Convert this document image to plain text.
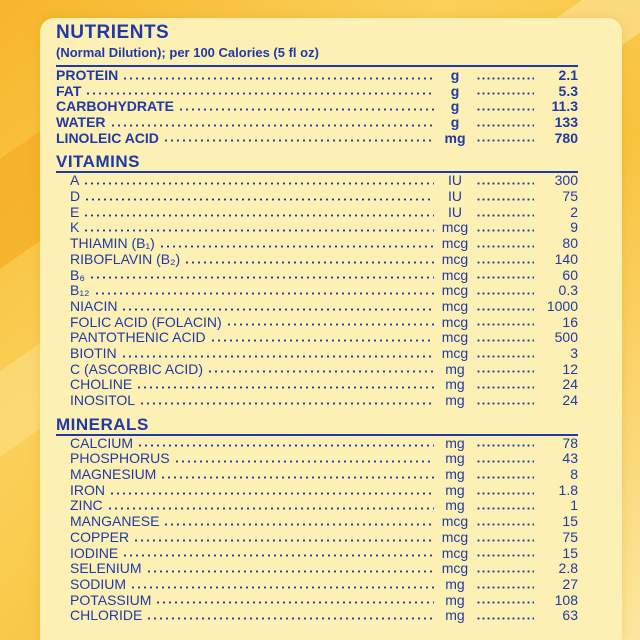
NUTRIENTS
(Normal Dilution); per 100 Calories (5 fl oz)
PROTEIN	g	2.1
FAT	g	5.3
CARBOHYDRATE	g	11.3
WATER	g	133
LINOLEIC ACID	mg	780
VITAMINS
A	IU	300
D	IU	75
E	IU	2
K	mcg	9
THIAMIN (B₁)	mcg	80
RIBOFLAVIN (B₂)	mcg	140
B₆	mcg	60
B₁₂	mcg	0.3
NIACIN	mcg	1000
FOLIC ACID (FOLACIN)	mcg	16
PANTOTHENIC ACID	mcg	500
BIOTIN	mcg	3
C (ASCORBIC ACID)	mg	12
CHOLINE	mg	24
INOSITOL	mg	24
MINERALS
CALCIUM	mg	78
PHOSPHORUS	mg	43
MAGNESIUM	mg	8
IRON	mg	1.8
ZINC	mg	1
MANGANESE	mcg	15
COPPER	mcg	75
IODINE	mcg	15
SELENIUM	mcg	2.8
SODIUM	mg	27
POTASSIUM	mg	108
CHLORIDE	mg	63
